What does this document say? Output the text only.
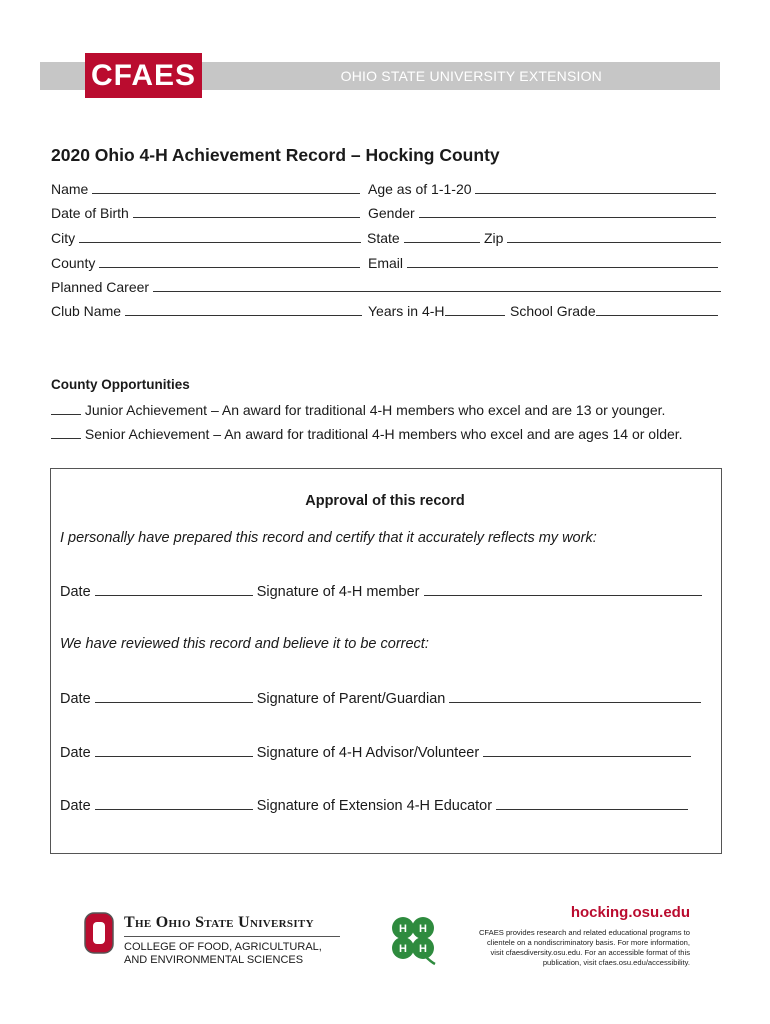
OHIO STATE UNIVERSITY EXTENSION
CFAES
2020 Ohio 4-H Achievement Record – Hocking County
Name	Age as of 1-1-20
Date of Birth	Gender
City	State	Zip
County	Email
Planned Career
Club Name	Years in 4-H	School Grade
County Opportunities
Junior Achievement – An award for traditional 4-H members who excel and are 13 or younger.
Senior Achievement – An award for traditional 4-H members who excel and are ages 14 or older.
Approval of this record
I personally have prepared this record and certify that it accurately reflects my work:
Date	Signature of 4-H member
We have reviewed this record and believe it to be correct:
Date	Signature of Parent/Guardian
Date	Signature of 4-H Advisor/Volunteer
Date	Signature of Extension 4-H Educator
The Ohio State University
COLLEGE OF FOOD, AGRICULTURAL,
AND ENVIRONMENTAL SCIENCES
H H
H H
hocking.osu.edu
CFAES provides research and related educational programs to clientele on a nondiscriminatory basis. For more information, visit cfaesdiversity.osu.edu. For an accessible format of this publication, visit cfaes.osu.edu/accessibility.
